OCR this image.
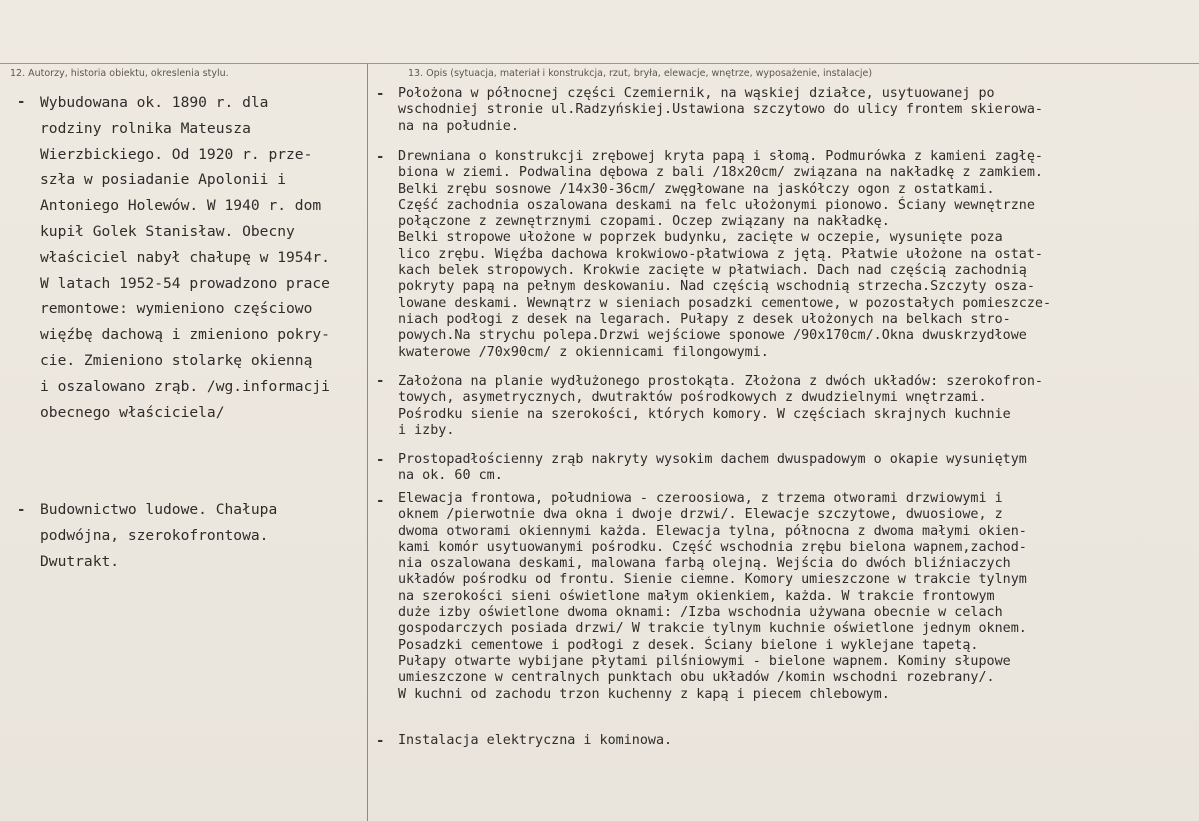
12. Autorzy, historia obiektu, okreslenia stylu.	13. Opis (sytuacja, materiał i konstrukcja, rzut, bryła, elewacje, wnętrze, wyposażenie, instalacje)
- Wybudowana ok. 1890 r. dla
rodziny rolnika Mateusza
Wierzbickiego. Od 1920 r. prze-
szła w posiadanie Apolonii i
Antoniego Holewów. W 1940 r. dom
kupił Golek Stanisław. Obecny
właściciel nabył chałupę w 1954r.
W latach 1952-54 prowadzono prace
remontowe: wymieniono częściowo
więźbę dachową i zmieniono pokry-
cie. Zmieniono stolarkę okienną
i oszalowano zrąb. /wg.informacji
obecnego właściciela/
- Budownictwo ludowe. Chałupa
podwójna, szerokofrontowa.
Dwutrakt.
- Położona w północnej części Czemiernik, na wąskiej działce, usytuowanej po
wschodniej stronie ul.Radzyńskiej.Ustawiona szczytowo do ulicy frontem skierowa-
na na południe.
- Drewniana o konstrukcji zrębowej kryta papą i słomą. Podmurówka z kamieni zagłę-
biona w ziemi. Podwalina dębowa z bali /18x20cm/ związana na nakładkę z zamkiem.
Belki zrębu sosnowe /14x30-36cm/ zwęgłowane na jaskółczy ogon z ostatkami.
Część zachodnia oszalowana deskami na felc ułożonymi pionowo. Ściany wewnętrzne
połączone z zewnętrznymi czopami. Oczep związany na nakładkę.
Belki stropowe ułożone w poprzek budynku, zacięte w oczepie, wysunięte poza
lico zrębu. Więźba dachowa krokwiowo-płatwiowa z jętą. Płatwie ułożone na ostat-
kach belek stropowych. Krokwie zacięte w płatwiach. Dach nad częścią zachodnią
pokryty papą na pełnym deskowaniu. Nad częścią wschodnią strzecha.Szczyty osza-
lowane deskami. Wewnątrz w sieniach posadzki cementowe, w pozostałych pomieszcze-
niach podłogi z desek na legarach. Pułapy z desek ułożonych na belkach stro-
powych.Na strychu polepa.Drzwi wejściowe sponowe /90x170cm/.Okna dwuskrzydłowe
kwaterowe /70x90cm/ z okiennicami filongowymi.
- Założona na planie wydłużonego prostokąta. Złożona z dwóch układów: szerokofron-
towych, asymetrycznych, dwutraktów pośrodkowych z dwudzielnymi wnętrzami.
Pośrodku sienie na szerokości, których komory. W częściach skrajnych kuchnie
i izby.
- Prostopadłościenny zrąb nakryty wysokim dachem dwuspadowym o okapie wysuniętym
na ok. 60 cm.
- Elewacja frontowa, południowa - czeroosiowa, z trzema otworami drzwiowymi i
oknem /pierwotnie dwa okna i dwoje drzwi/. Elewacje szczytowe, dwuosiowe, z
dwoma otworami okiennymi każda. Elewacja tylna, północna z dwoma małymi okien-
kami komór usytuowanymi pośrodku. Część wschodnia zrębu bielona wapnem,zachod-
nia oszalowana deskami, malowana farbą olejną. Wejścia do dwóch bliźniaczych
układów pośrodku od frontu. Sienie ciemne. Komory umieszczone w trakcie tylnym
na szerokości sieni oświetlone małym okienkiem, każda. W trakcie frontowym
duże izby oświetlone dwoma oknami: /Izba wschodnia używana obecnie w celach
gospodarczych posiada drzwi/ W trakcie tylnym kuchnie oświetlone jednym oknem.
Posadzki cementowe i podłogi z desek. Ściany bielone i wyklejane tapetą.
Pułapy otwarte wybijane płytami pilśniowymi - bielone wapnem. Kominy słupowe
umieszczone w centralnych punktach obu układów /komin wschodni rozebrany/.
W kuchni od zachodu trzon kuchenny z kapą i piecem chlebowym.
- Instalacja elektryczna i kominowa.
